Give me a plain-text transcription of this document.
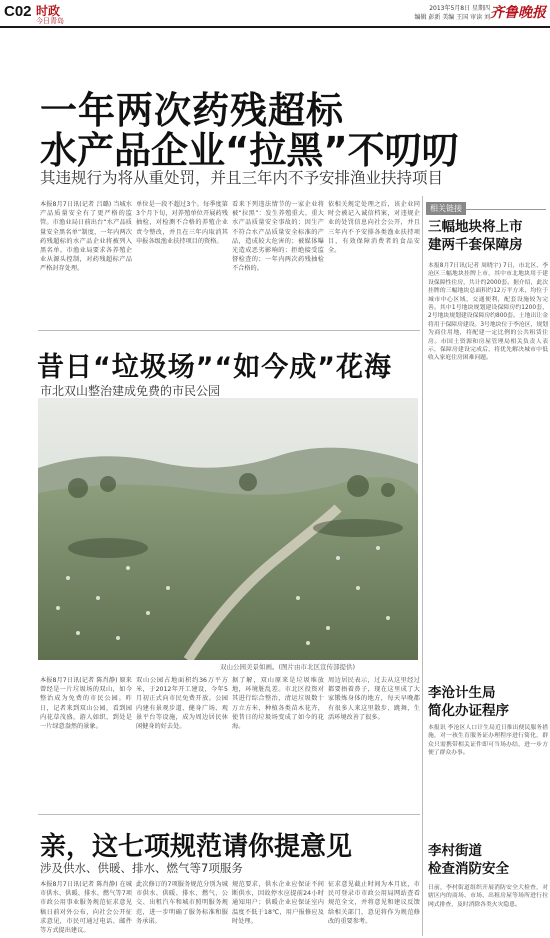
C02 时政
今日青岛
2013年5月8日 星期四
编辑 彭新 美编 王国 审读 刘 齐鲁晚报
一年两次药残超标
水产品企业“拉黑”不叨叨
其违规行为将从重处罚，并且三年内不予安排渔业扶持项目
本报8月7日讯(记者 吕璐) 当城水产品质量安全有了更严格的监管。市渔业局日前出台“水产品质量安全黑名单”制度，一年内两次药残超标的水产品企业将被列入黑名单。市渔业局要求各养殖企业从源头控制，对药残超标产品严格封存处理。
单位是一段不超过3个。每季度第3个月下旬，对养殖单位开展药残抽检，对检测不合格的养殖企业责令整改，并且在三年内取消其申报各级渔业扶持项目的资格。
看来下列违法情节的一家企业将被“拉黑”：发生养殖重大、重大水产品质量安全事故的；因生产不符合水产品质量安全标准的产品，造成较大危害的；被媒体曝光造成恶劣影响的；拒绝接受监督检查的；一年内两次药残抽检不合格的。
依相关规定处理之后，该企业同时会被记入诚信档案，对违规企业的处罚信息向社会公开，并且三年内不予安排各类渔业扶持项目，有效保障消费者的食品安全。
相关链接
三幅地块将上市
建两千套保障房
本报8月7日讯(记者 周晓宇) 7日，市北区、李沧区三幅地块挂牌上市，其中市北地块用于建设保障性住房，共计约2000套。据介绍，此次挂牌的三幅地块总面积约12万平方米，均位于城市中心区域，交通便利，配套设施较为完善。其中1号地块规划建设保障房约1200套，2号地块规划建设保障房约800套。土地出让金将用于保障房建设。3号地块位于李沧区，规划为商住用地，将配建一定比例的公共租赁住房。市国土资源和房屋管理局相关负责人表示，保障房建设完成后，将优先解决城市中低收入家庭住房困难问题。
李沧计生局
简化办证程序
本报讯 李沧区人口计生局近日推出便民服务措施，对一孩生育服务证办理程序进行简化，群众只需携带相关证件即可当场办结，进一步方便了群众办事。
李村街道
检查消防安全
日前，李村街道组织开展消防安全大检查，对辖区内的商场、市场、出租房屋等场所进行拉网式排查，及时消除各类火灾隐患。
昔日“垃圾场”“如今成”花海
市北双山整治建成免费的市民公园
双山公园美景如画。(图片由市北区宣传部提供)
本报8月7日讯(记者 陈肖静) 原来曾经是一片垃圾场的双山，如今整治成为免费的市民公园。昨日，记者来到双山公园，看到园内花草茂盛，游人如织，到处是一片绿意盎然的景象。
双山公园占地面积约36万平方米，于2012年开工建设，今年5月初正式向市民免费开放。公园内建有景观步道、健身广场、观景平台等设施，成为周边居民休闲健身的好去处。
据了解，双山原来是垃圾堆放地，环境脏乱差。市北区投资对其进行综合整治，清运垃圾数十万立方米，种植各类苗木花卉，使昔日的垃圾场变成了如今的花海。
周边居民表示，过去从这里经过都要捂着鼻子，现在这里成了大家锻炼身体的地方，每天早晚都有很多人来这里散步、跳舞，生活环境改善了很多。
亲，这七项规范请你提意见
涉及供水、供暖、排水、燃气等7项服务
本报8月7日讯(记者 陈肖静) 在城市供水、供暖、排水、燃气等7项市政公用事业服务规范征求意见稿日前对外公布，向社会公开征求意见，市民可通过电话、邮件等方式提出建议。
此次修订的7项服务规范分别为城市供水、供暖、排水、燃气、公交、出租汽车和城市照明服务规范，进一步明确了服务标准和服务承诺。
规范要求，供水企业应保证不间断供水，因故停水应提前24小时通知用户；供暖企业应保证室内温度不低于18℃，用户报修应及时处理。
征求意见截止时间为本月底，市民可登录市市政公用局网站查看规范全文，并将意见和建议反馈给相关部门，意见将作为规范修改的重要参考。
